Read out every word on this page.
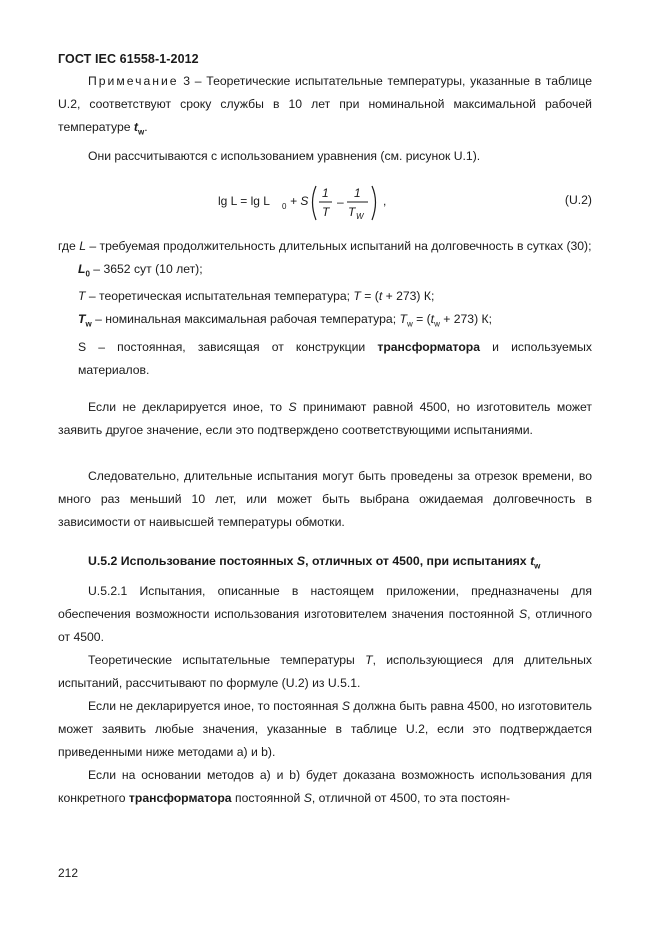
ГОСТ IEC 61558-1-2012
Примечание 3 – Теоретические испытательные температуры, указанные в таблице U.2, соответствуют сроку службы в 10 лет при номинальной максимальной рабочей температуре $t_w$.
Они рассчитываются с использованием уравнения (см. рисунок U.1).
lg L = lg L 0 + S
1
T
–
1
T W
,	(U.2)
где L – требуемая продолжительность длительных испытаний на долговечность в сутках (30);
$L_0 - 3652$ сут (10 лет);
T – теоретическая испытательная температура; T = (t + 273) К;
$T_w$ – номинальная максимальная рабочая температура; $T_w = (t_w + 273)$ К;
S – постоянная, зависящая от конструкции трансформатора и используемых материалов.
Если не декларируется иное, то S принимают равной 4500, но изготовитель может заявить другое значение, если это подтверждено соответствующими испытаниями.
Следовательно, длительные испытания могут быть проведены за отрезок времени, во много раз меньший 10 лет, или может быть выбрана ожидаемая долговечность в зависимости от наивысшей температуры обмотки.
U.5.2 Использование постоянных S, отличных от 4500, при испытаниях $t_w$
U.5.2.1 Испытания, описанные в настоящем приложении, предназначены для обеспечения возможности использования изготовителем значения постоянной S, отличного от 4500.
Теоретические испытательные температуры T, использующиеся для длительных испытаний, рассчитывают по формуле (U.2) из U.5.1.
Если не декларируется иное, то постоянная S должна быть равна 4500, но изготовитель может заявить любые значения, указанные в таблице U.2, если это подтверждается приведенными ниже методами a) и b).
Если на основании методов a) и b) будет доказана возможность использования для конкретного трансформатора постоянной S, отличной от 4500, то эта постоян-
212
